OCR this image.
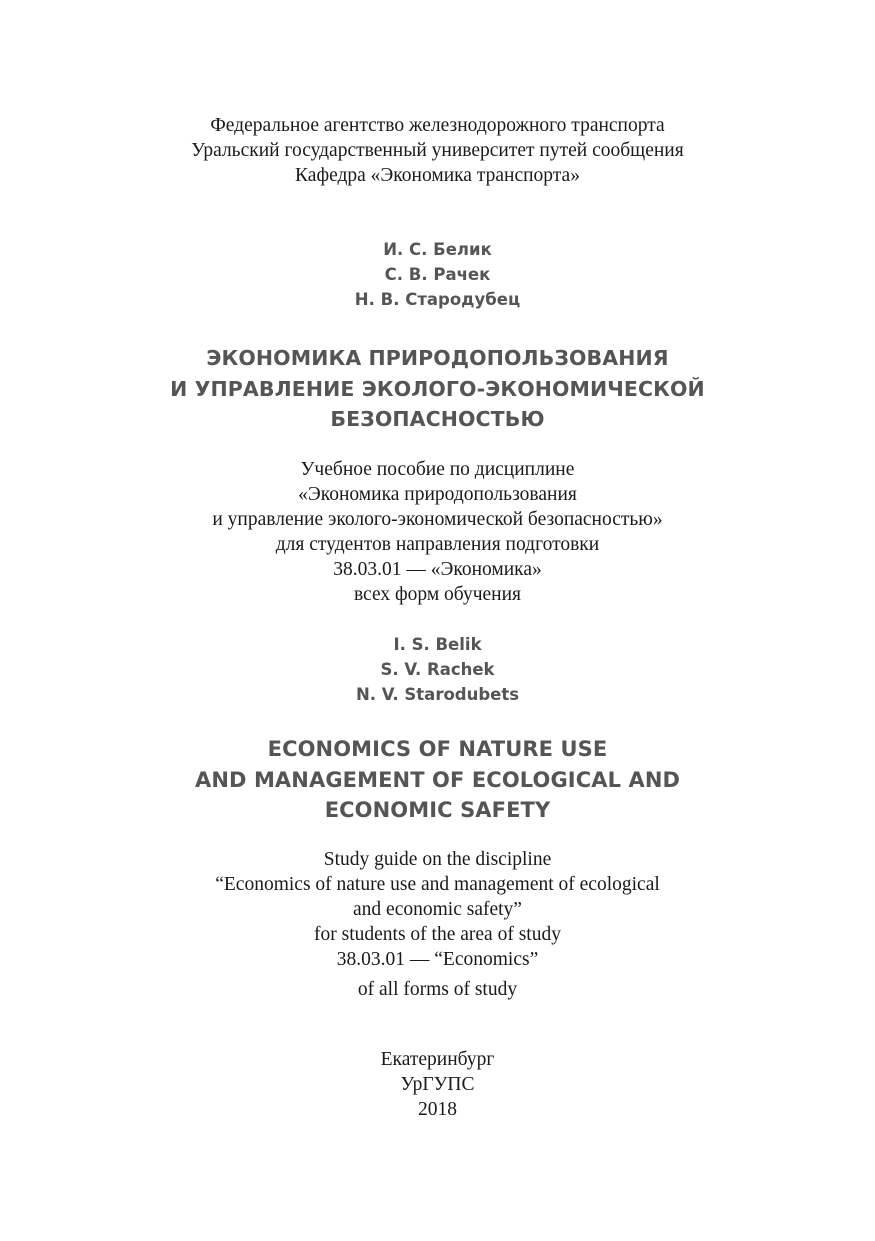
Федеральное агентство железнодорожного транспорта
Уральский государственный университет путей сообщения
Кафедра «Экономика транспорта»
И. С. Белик
С. В. Рачек
Н. В. Стародубец
ЭКОНОМИКА ПРИРОДОПОЛЬЗОВАНИЯ
И УПРАВЛЕНИЕ ЭКОЛОГО-ЭКОНОМИЧЕСКОЙ
БЕЗОПАСНОСТЬЮ
Учебное пособие по дисциплине
«Экономика природопользования
и управление эколого-экономической безопасностью»
для студентов направления подготовки
38.03.01 — «Экономика»
всех форм обучения
I. S. Belik
S. V. Rachek
N. V. Starodubets
ECONOMICS OF NATURE USE
AND MANAGEMENT OF ECOLOGICAL AND
ECONOMIC SAFETY
Study guide on the discipline
“Economics of nature use and management of ecological
and economic safety”
for students of the area of study
38.03.01 — “Economics”
of all forms of study
Екатеринбург
УрГУПС
2018
